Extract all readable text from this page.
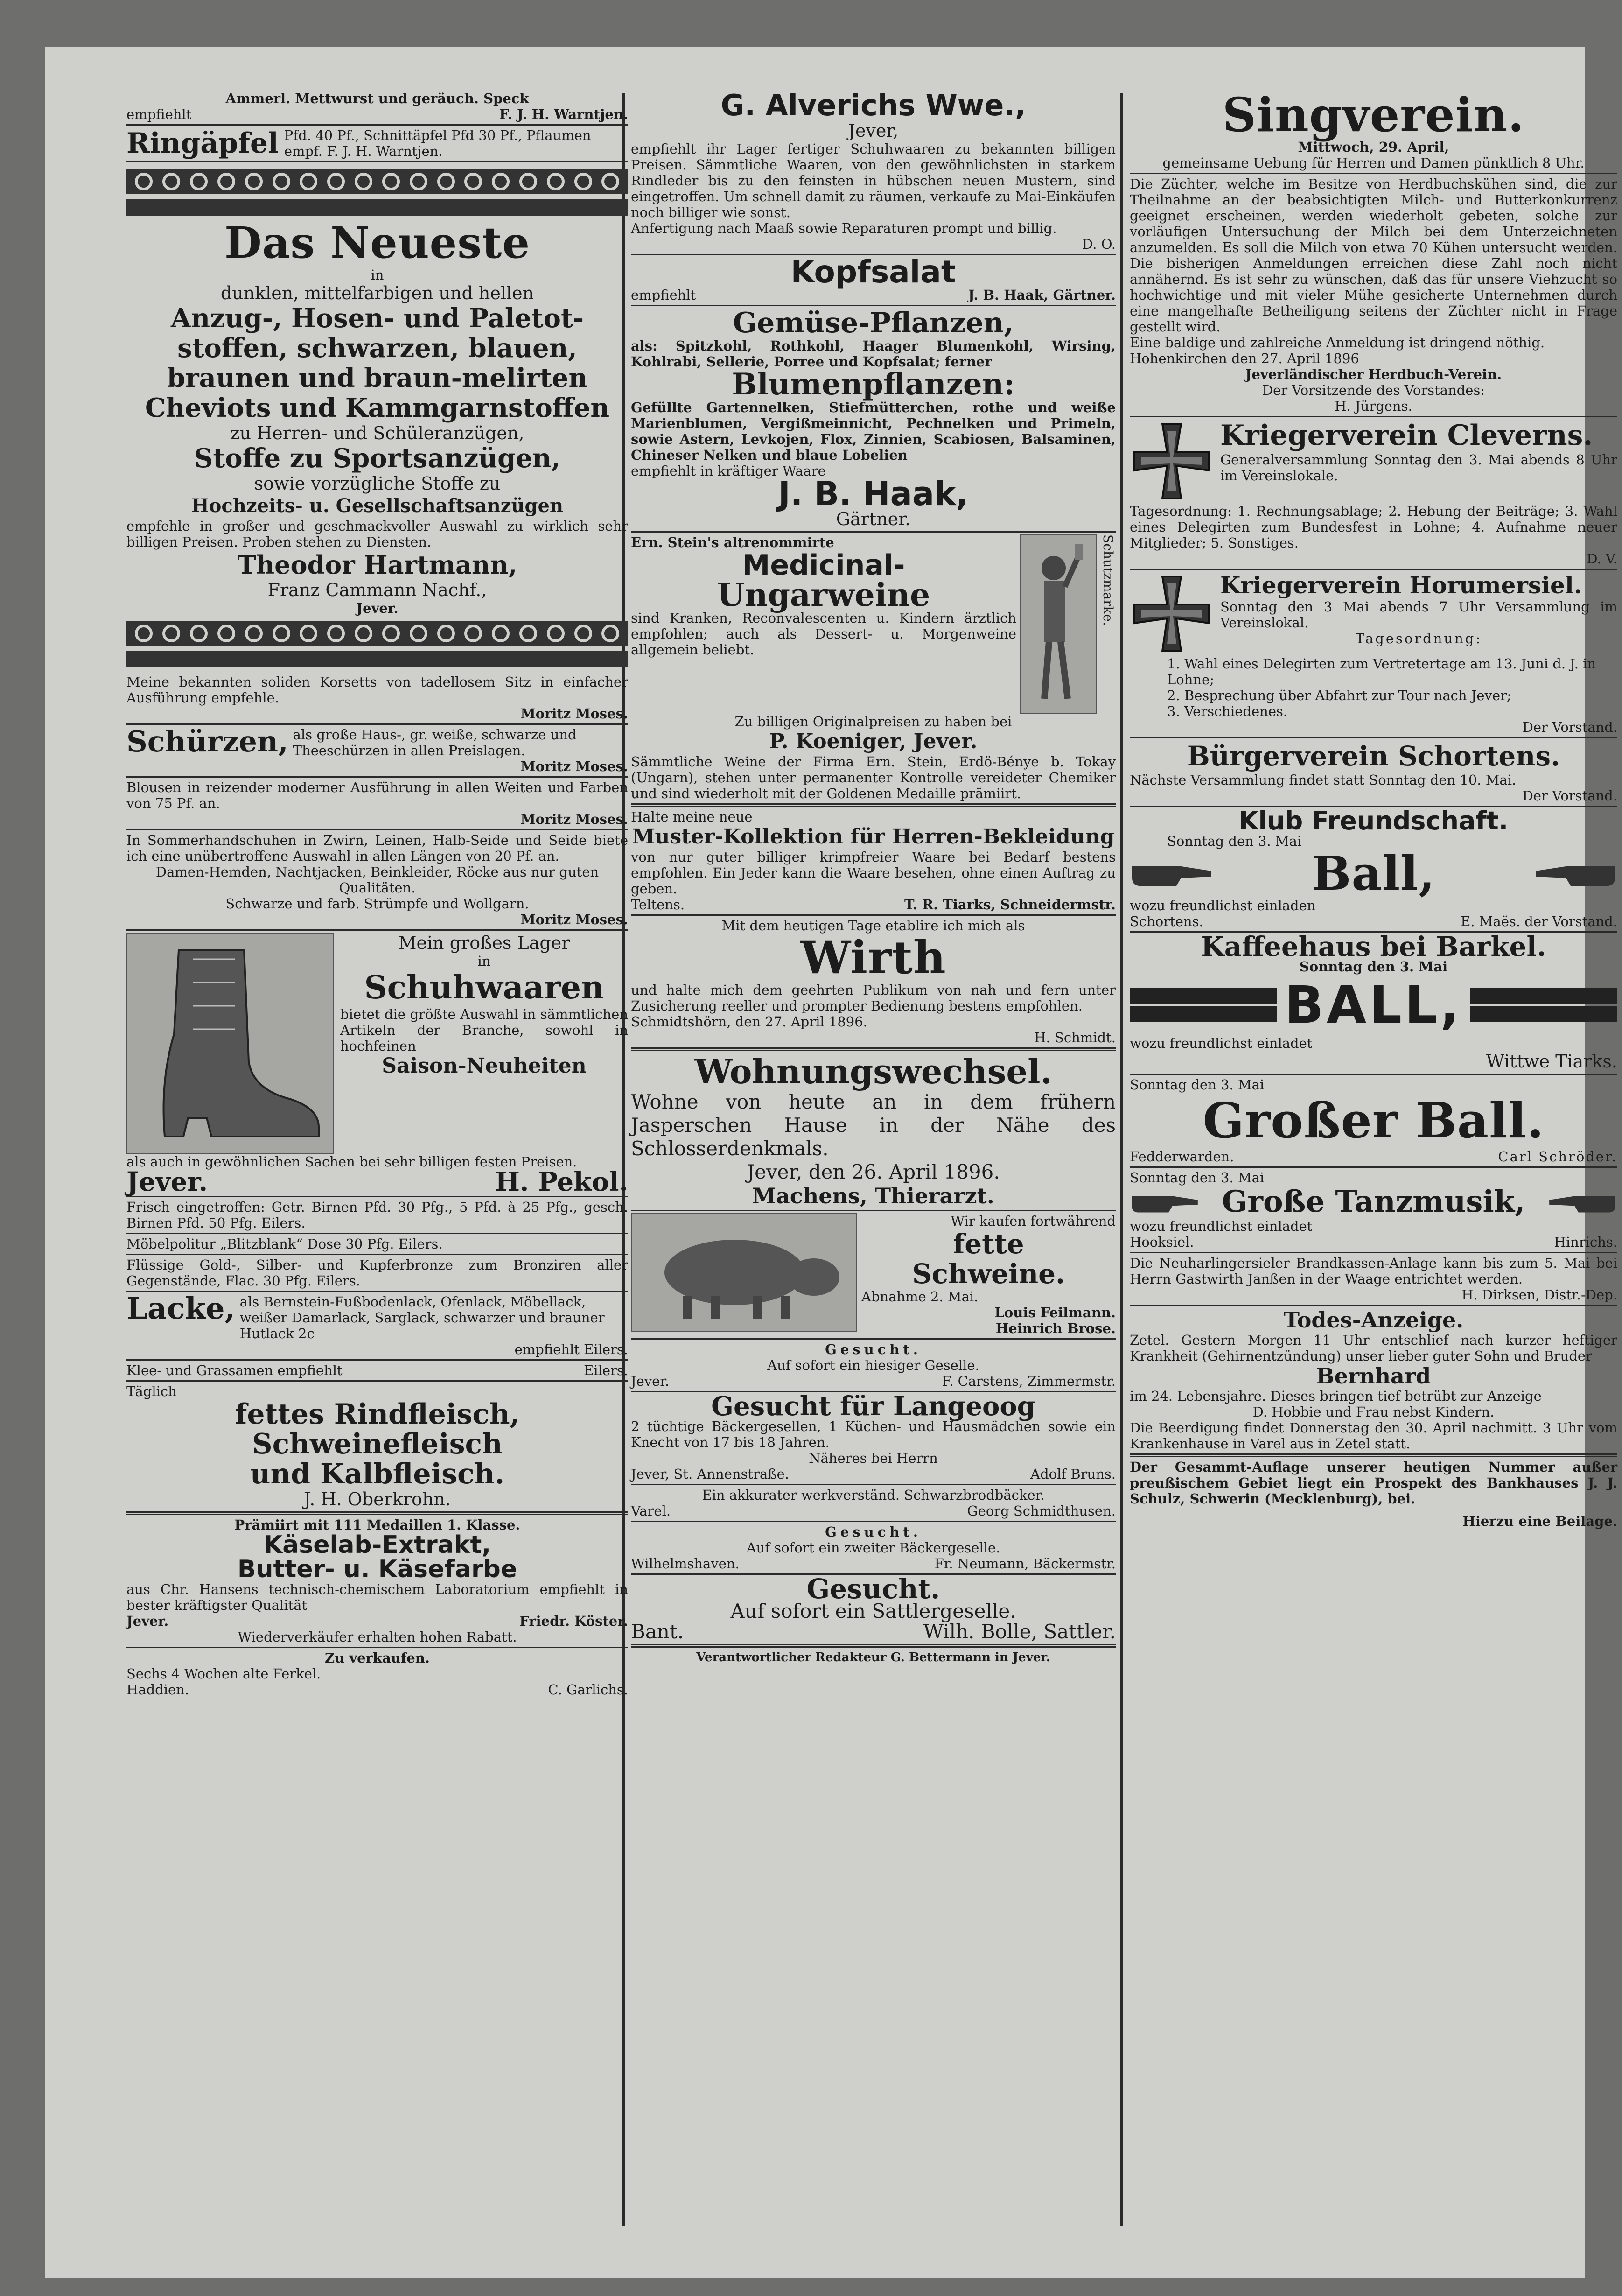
Ammerl. Mettwurst und geräuch. Speck

empfiehlt	F. J. H. Warntjen.
Ringäpfel Pfd. 40 Pf., Schnittäpfel Pfd 30 Pf., Pflaumen empf. F. J. H. Warntjen.

Das Neueste

in

dunklen, mittelfarbigen und hellen

Anzug-, Hosen- und Paletot-

stoffen, schwarzen, blauen,

braunen und braun-melirten

Cheviots und Kammgarnstoffen

zu Herren- und Schüleranzügen,

Stoffe zu Sportsanzügen,

sowie vorzügliche Stoffe zu

Hochzeits- u. Gesellschaftsanzügen

empfehle in großer und geschmackvoller Auswahl zu wirklich sehr billigen Preisen. Proben stehen zu Diensten.

Theodor Hartmann,

Franz Cammann Nachf.,

Jever.

Meine bekannten soliden Korsetts von tadellosem Sitz in einfacher Ausführung empfehle.

Moritz Moses.

Schürzen, als große Haus-, gr. weiße, schwarze und Theeschürzen in allen Preislagen.

Moritz Moses.

Blousen in reizender moderner Ausführung in allen Weiten und Farben von 75 Pf. an.

Moritz Moses.

In Sommerhandschuhen in Zwirn, Leinen, Halb-Seide und Seide biete ich eine unübertroffene Auswahl in allen Längen von 20 Pf. an.

Damen-Hemden, Nachtjacken, Beinkleider, Röcke aus nur guten Qualitäten.

Schwarze und farb. Strümpfe und Wollgarn.

Moritz Moses.

Mein großes Lager

in

Schuhwaaren

bietet die größte Auswahl in sämmtlichen Artikeln der Branche, sowohl in hochfeinen

Saison-Neuheiten

als auch in gewöhnlichen Sachen bei sehr billigen festen Preisen.

Jever.	H. Pekol.

Frisch eingetroffen: Getr. Birnen Pfd. 30 Pfg., 5 Pfd. à 25 Pfg., gesch. Birnen Pfd. 50 Pfg. Eilers.

Möbelpolitur „Blitzblank“ Dose 30 Pfg. Eilers.

Flüssige Gold-, Silber- und Kupferbronze zum Bronziren aller Gegenstände, Flac. 30 Pfg. Eilers.

Lacke, als Bernstein-Fußbodenlack, Ofenlack, Möbellack, weißer Damarlack, Sarglack, schwarzer und brauner Hutlack 2c

empfiehlt Eilers.

Klee- und Grassamen empfiehlt	Eilers.

Täglich

fettes Rindfleisch,

Schweinefleisch

und Kalbfleisch.

J. H. Oberkrohn.

Prämiirt mit 111 Medaillen 1. Klasse.

Käselab-Extrakt,

Butter- u. Käsefarbe

aus Chr. Hansens technisch-chemischem Laboratorium empfiehlt in bester kräftigster Qualität

Jever.	Friedr. Köster.

Wiederverkäufer erhalten hohen Rabatt.

Zu verkaufen.

Sechs 4 Wochen alte Ferkel.

Haddien.	C. Garlichs.

G. Alverichs Wwe.,

Jever,

empfiehlt ihr Lager fertiger Schuhwaaren zu bekannten billigen Preisen. Sämmtliche Waaren, von den gewöhnlichsten in starkem Rindleder bis zu den feinsten in hübschen neuen Mustern, sind eingetroffen. Um schnell damit zu räumen, verkaufe zu Mai-Einkäufen noch billiger wie sonst.

Anfertigung nach Maaß sowie Reparaturen prompt und billig.

D. O.

Kopfsalat

empfiehlt	J. B. Haak, Gärtner.

Gemüse-Pflanzen,

als: Spitzkohl, Rothkohl, Haager Blumenkohl, Wirsing, Kohlrabi, Sellerie, Porree und Kopfsalat; ferner

Blumenpflanzen:

Gefüllte Gartennelken, Stiefmütterchen, rothe und weiße Marienblumen, Vergißmeinnicht, Pechnelken und Primeln, sowie Astern, Levkojen, Flox, Zinnien, Scabiosen, Balsaminen, Chineser Nelken und blaue Lobelien

empfiehlt in kräftiger Waare

J. B. Haak,

Gärtner.

Ern. Stein's altrenommirte

Medicinal-

Ungarweine

sind Kranken, Reconvalescenten u. Kindern ärztlich empfohlen; auch als Dessert- u. Morgenweine allgemein beliebt.

Schutzmarke.

Zu billigen Originalpreisen zu haben bei

P. Koeniger, Jever.

Sämmtliche Weine der Firma Ern. Stein, Erdö-Bénye b. Tokay (Ungarn), stehen unter permanenter Kontrolle vereideter Chemiker und sind wiederholt mit der Goldenen Medaille prämiirt.

Halte meine neue

Muster-Kollektion für Herren-Bekleidung

von nur guter billiger krimpfreier Waare bei Bedarf bestens empfohlen. Ein Jeder kann die Waare besehen, ohne einen Auftrag zu geben.

Teltens.	T. R. Tiarks, Schneidermstr.

Mit dem heutigen Tage etablire ich mich als

Wirth

und halte mich dem geehrten Publikum von nah und fern unter Zusicherung reeller und prompter Bedienung bestens empfohlen.

Schmidtshörn, den 27. April 1896.

H. Schmidt.

Wohnungswechsel.

Wohne von heute an in dem frühern Jasperschen Hause in der Nähe des Schlosserdenkmals.

Jever, den 26. April 1896.

Machens, Thierarzt.

Wir kaufen fortwährend

fette

Schweine.

Abnahme 2. Mai.

Louis Feilmann.

Heinrich Brose.

Gesucht.

Auf sofort ein hiesiger Geselle.

Jever.	F. Carstens, Zimmermstr.

Gesucht für Langeoog

2 tüchtige Bäckergesellen, 1 Küchen- und Hausmädchen sowie ein Knecht von 17 bis 18 Jahren.

Näheres bei Herrn

Jever, St. Annenstraße.	Adolf Bruns.

Ein akkurater werkverständ. Schwarzbrodbäcker.

Varel.	Georg Schmidthusen.

Gesucht.

Auf sofort ein zweiter Bäckergeselle.

Wilhelmshaven.	Fr. Neumann, Bäckermstr.

Gesucht.

Auf sofort ein Sattlergeselle.

Bant.	Wilh. Bolle, Sattler.

Verantwortlicher Redakteur G. Bettermann in Jever.

Singverein.

Mittwoch, 29. April,

gemeinsame Uebung für Herren und Damen pünktlich 8 Uhr.

Die Züchter, welche im Besitze von Herdbuchskühen sind, die zur Theilnahme an der beabsichtigten Milch- und Butterkonkurrenz geeignet erscheinen, werden wiederholt gebeten, solche zur vorläufigen Untersuchung der Milch bei dem Unterzeichneten anzumelden. Es soll die Milch von etwa 70 Kühen untersucht werden. Die bisherigen Anmeldungen erreichen diese Zahl noch nicht annähernd. Es ist sehr zu wünschen, daß das für unsere Viehzucht so hochwichtige und mit vieler Mühe gesicherte Unternehmen durch eine mangelhafte Betheiligung seitens der Züchter nicht in Frage gestellt wird.

Eine baldige und zahlreiche Anmeldung ist dringend nöthig.

Hohenkirchen den 27. April 1896

Jeverländischer Herdbuch-Verein.

Der Vorsitzende des Vorstandes:

H. Jürgens.

Kriegerverein Cleverns.

Generalversammlung Sonntag den 3. Mai abends 8 Uhr im Vereinslokale.

Tagesordnung: 1. Rechnungsablage; 2. Hebung der Beiträge; 3. Wahl eines Delegirten zum Bundesfest in Lohne; 4. Aufnahme neuer Mitglieder; 5. Sonstiges.

D. V.

Kriegerverein Horumersiel.

Sonntag den 3 Mai abends 7 Uhr Versammlung im Vereinslokal.

Tagesordnung:

1. Wahl eines Delegirten zum Vertretertage am 13. Juni d. J. in Lohne;

2. Besprechung über Abfahrt zur Tour nach Jever;

3. Verschiedenes.

Der Vorstand.

Bürgerverein Schortens.

Nächste Versammlung findet statt Sonntag den 10. Mai.

Der Vorstand.

Klub Freundschaft.

Sonntag den 3. Mai

Ball,

wozu freundlichst einladen

Schortens.	E. Maës. der Vorstand.

Kaffeehaus bei Barkel.

Sonntag den 3. Mai

BALL,

wozu freundlichst einladet

Wittwe Tiarks.

Sonntag den 3. Mai

Großer Ball.

Fedderwarden.	Carl Schröder.

Sonntag den 3. Mai

Große Tanzmusik,

wozu freundlichst einladet

Hooksiel.	Hinrichs.

Die Neuharlingersieler Brandkassen-Anlage kann bis zum 5. Mai bei Herrn Gastwirth Janßen in der Waage entrichtet werden.

H. Dirksen, Distr.-Dep.

Todes-Anzeige.

Zetel. Gestern Morgen 11 Uhr entschlief nach kurzer heftiger Krankheit (Gehirnentzündung) unser lieber guter Sohn und Bruder

Bernhard

im 24. Lebensjahre. Dieses bringen tief betrübt zur Anzeige

D. Hobbie und Frau nebst Kindern.

Die Beerdigung findet Donnerstag den 30. April nachmitt. 3 Uhr vom Krankenhause in Varel aus in Zetel statt.

Der Gesammt-Auflage unserer heutigen Nummer außer preußischem Gebiet liegt ein Prospekt des Bankhauses J. J. Schulz, Schwerin (Mecklenburg), bei.

Hierzu eine Beilage.
